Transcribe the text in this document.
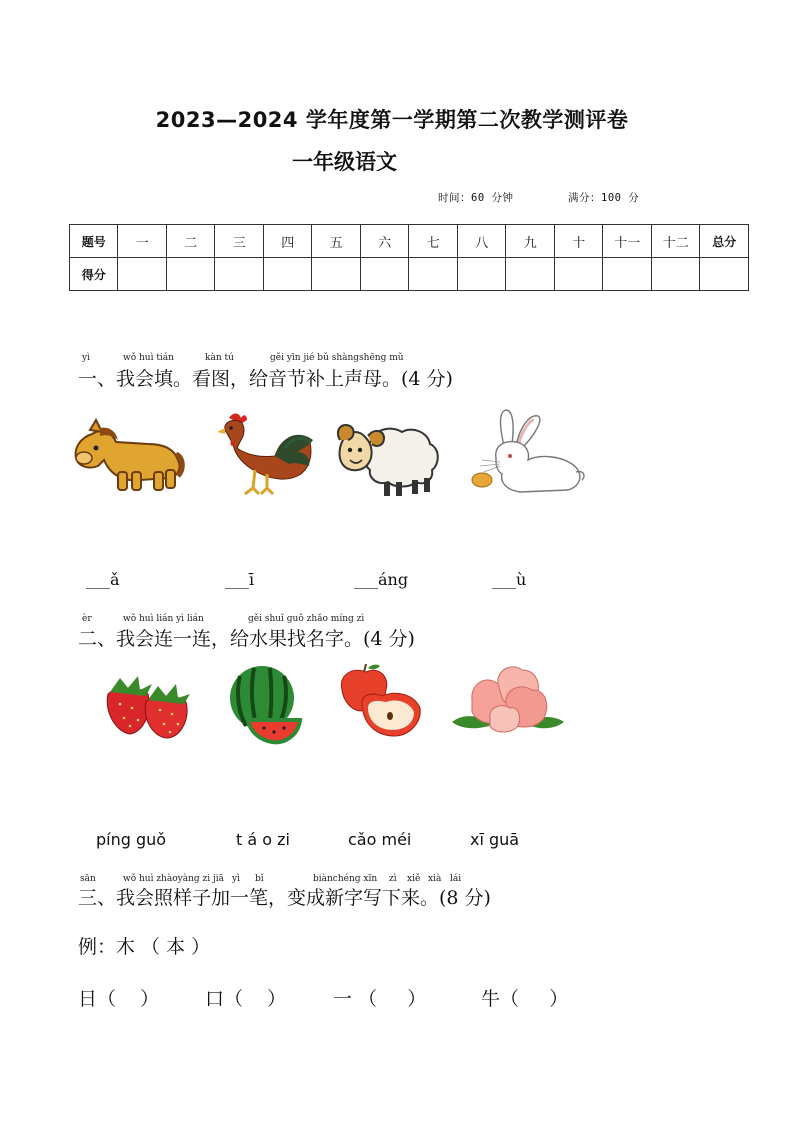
2023—2024 学年度第一学期第二次教学测评卷
一年级语文
时间：60 分钟	满分：100 分
题号	一	二	三	四	五	六	七	八	九	十	十一	十二	总分
得分													
yì	wǒ huì tián	kàn tú	gěi yīn jié bǔ shàngshēng mǔ
一、我会填。看图，给音节补上声母。(4 分)
___ǎ	___ī	___áng	___ù
èr	wǒ huì lián yì lián	gěi shuǐ guǒ zhǎo míng zì
二、我会连一连，给水果找名字。(4 分)
píng guǒ	t á o zi	cǎo méi	xī guā
sān	wǒ huì zhàoyàng zi jiā yì bǐ	biànchéng xīn zì xiě xià lái
三、我会照样子加一笔，变成新字写下来。(8 分)
例：木 （ 本 ）
日（    ） 口（    ） 一 （     ）	牛（     ）
